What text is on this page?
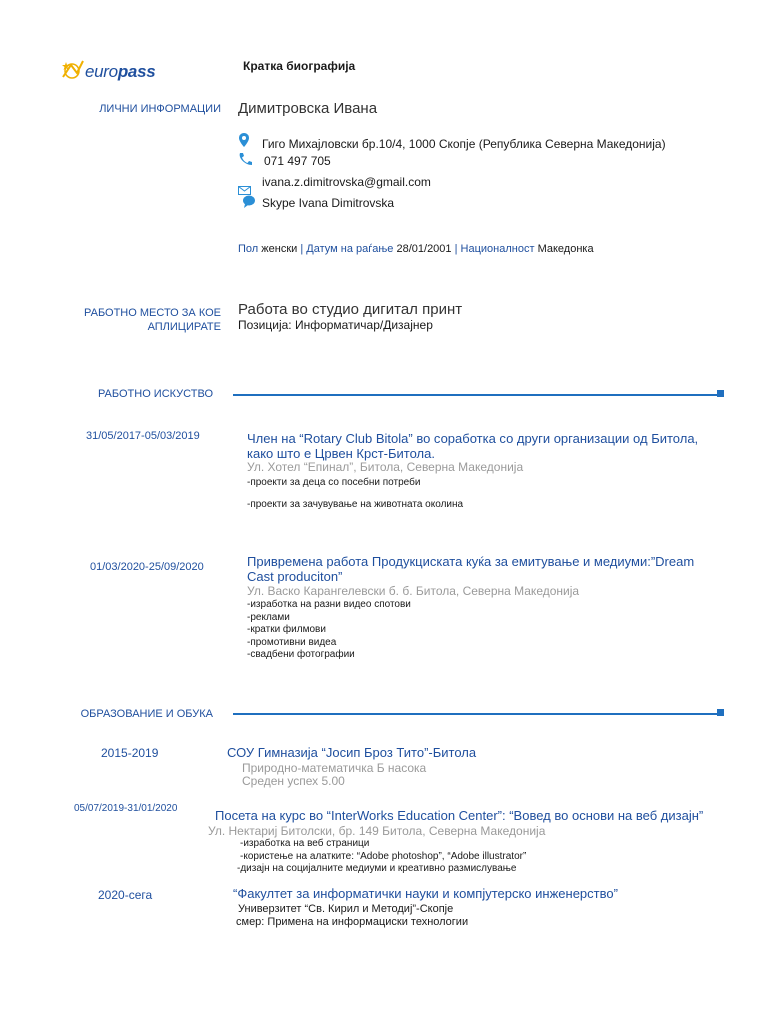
europass	Кратка биографија
ЛИЧНИ ИНФОРМАЦИИ Димитровска Ивана
Гиго Михајловски бр.10/4, 1000 Скопје (Република Северна Македонија)
071 497 705
ivana.z.dimitrovska@gmail.com
Skype Ivana Dimitrovska
Пол женски | Датум на раѓање 28/01/2001 | Националност Македонка
РАБОТНО МЕСТО ЗА КОЕ
АПЛИЦИРАТЕ
Работа во студио дигитал принт
Позиција: Информатичар/Дизајнер
РАБОТНО ИСКУСТВО
31/05/2017-05/03/2019	Член на “Rotary Club Bitola” во соработка со други организации од Битола,
како што е Црвен Крст-Битола.
Ул. Хотел “Епинал”, Битола, Северна Македонија
-проекти за деца со посебни потреби
-проекти за зачувување на животната околина
01/03/2020-25/09/2020	Привремена работа Продукциската куќа за емитување и медиуми:”Dream
Cast produciton”
Ул. Васко Карангелевски б. б. Битола, Северна Македонија
-изработка на разни видео спотови
-реклами
-кратки филмови
-промотивни видеа
-свадбени фотографии
ОБРАЗОВАНИЕ И ОБУКА
2015-2019	СОУ Гимназија “Јосип Броз Тито”-Битола
Природно-математичка Б насока
Среден успех 5.00
05/07/2019-31/01/2020	Посета на курс во “InterWorks Education Center”: “Вовед во основи на веб дизајн”
Ул. Нектариј Битолски, бр. 149 Битола, Северна Македонија
-изработка на веб страници
-користење на алатките: “Adobe photoshop”, “Adobe illustrator”
-дизајн на социјалните медиуми и креативно размислување
2020-сега	“Факултет за информатички науки и компјутерско инженерство”
Универзитет “Св. Кирил и Методиј”-Скопје
смер: Примена на информациски технологии
